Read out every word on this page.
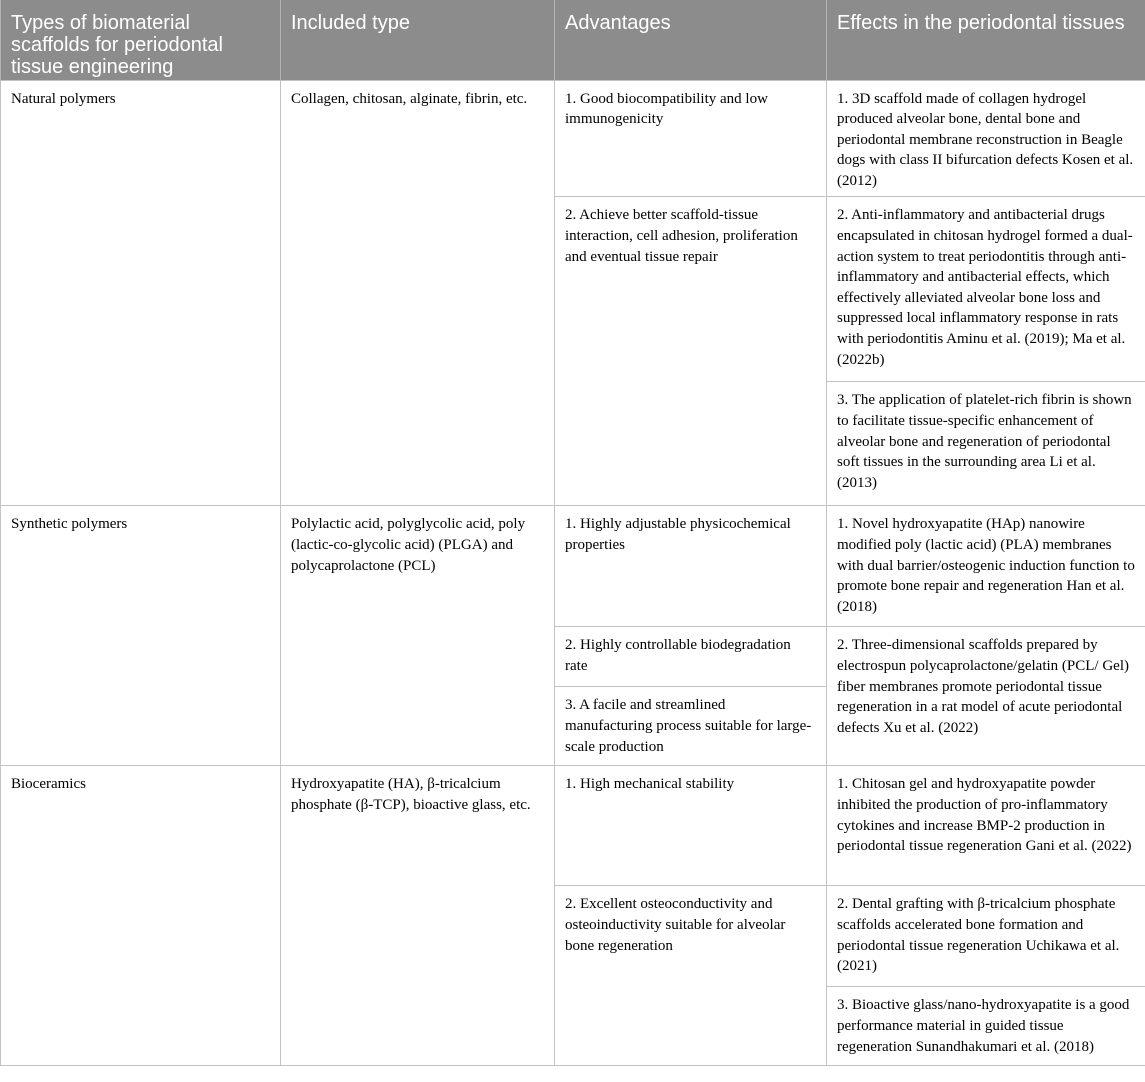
Types of biomaterial scaffolds for periodontal tissue engineering	Included type	Advantages	Effects in the periodontal tissues
Natural polymers	Collagen, chitosan, alginate, fibrin, etc.	1. Good biocompatibility and low immunogenicity	1. 3D scaffold made of collagen hydrogel produced alveolar bone, dental bone and periodontal membrane reconstruction in Beagle dogs with class II bifurcation defects Kosen et al. (2012)
		2. Achieve better scaffold-tissue interaction, cell adhesion, proliferation and eventual tissue repair	2. Anti-inflammatory and antibacterial drugs encapsulated in chitosan hydrogel formed a dual-action system to treat periodontitis through anti-inflammatory and antibacterial effects, which effectively alleviated alveolar bone loss and suppressed local inflammatory response in rats with periodontitis Aminu et al. (2019); Ma et al. (2022b)
			3. The application of platelet-rich fibrin is shown to facilitate tissue-specific enhancement of alveolar bone and regeneration of periodontal soft tissues in the surrounding area Li et al. (2013)
Synthetic polymers	Polylactic acid, polyglycolic acid, poly (lactic-co-glycolic acid) (PLGA) and polycaprolactone (PCL)	1. Highly adjustable physicochemical properties	1. Novel hydroxyapatite (HAp) nanowire modified poly (lactic acid) (PLA) membranes with dual barrier/osteogenic induction function to promote bone repair and regeneration Han et al. (2018)
		2. Highly controllable biodegradation rate	2. Three-dimensional scaffolds prepared by electrospun polycaprolactone/gelatin (PCL/ Gel) fiber membranes promote periodontal tissue regeneration in a rat model of acute periodontal defects Xu et al. (2022)
		3. A facile and streamlined manufacturing process suitable for large-scale production	
Bioceramics	Hydroxyapatite (HA), β-tricalcium phosphate (β-TCP), bioactive glass, etc.	1. High mechanical stability	1. Chitosan gel and hydroxyapatite powder inhibited the production of pro-inflammatory cytokines and increase BMP-2 production in periodontal tissue regeneration Gani et al. (2022)
		2. Excellent osteoconductivity and osteoinductivity suitable for alveolar bone regeneration	2. Dental grafting with β-tricalcium phosphate scaffolds accelerated bone formation and periodontal tissue regeneration Uchikawa et al. (2021)
			3. Bioactive glass/nano-hydroxyapatite is a good performance material in guided tissue regeneration Sunandhakumari et al. (2018)
